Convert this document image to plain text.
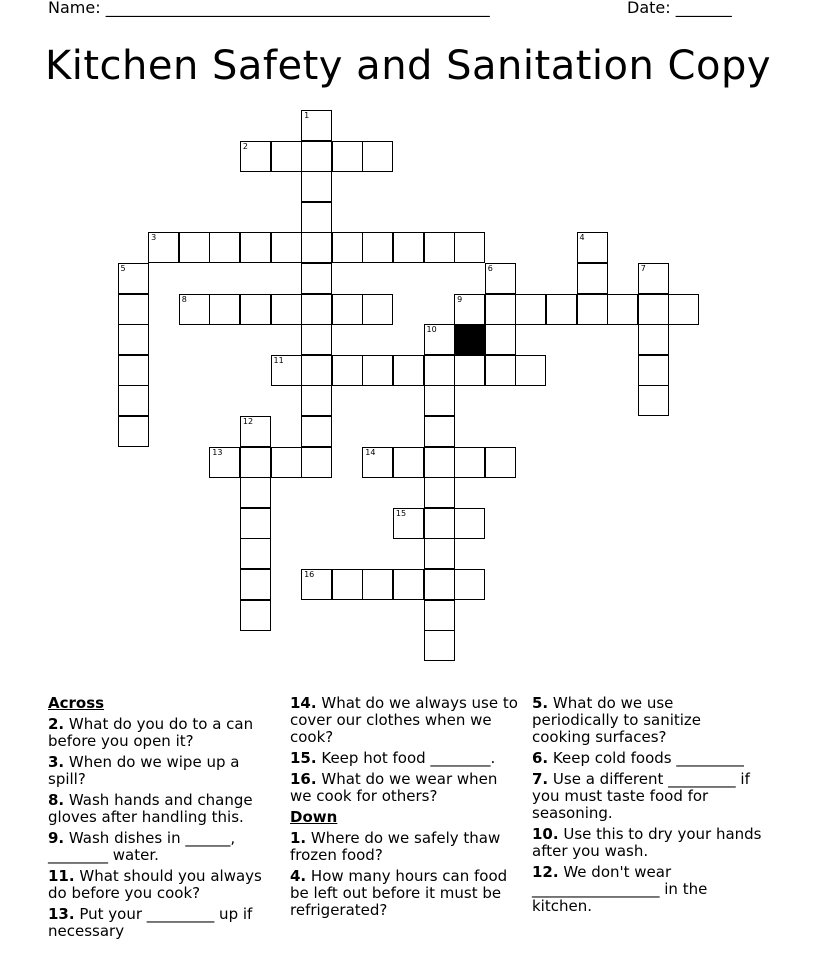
Name: ________________________________________________	Date: _______
Kitchen Safety and Sanitation Copy
1
2
3	4
5	6	7
8	9
10
11
12
13	14
15
16
Across
2. What do you do to a can before you open it?
3. When do we wipe up a spill?
8. Wash hands and change gloves after handling this.
9. Wash dishes in ______, ________ water.
11. What should you always do before you cook?
13. Put your _________ up if necessary
14. What do we always use to cover our clothes when we cook?
15. Keep hot food ________.
16. What do we wear when we cook for others?
Down
1. Where do we safely thaw frozen food?
4. How many hours can food be left out before it must be refrigerated?
5. What do we use periodically to sanitize cooking surfaces?
6. Keep cold foods _________
7. Use a different _________ if you must taste food for seasoning.
10. Use this to dry your hands after you wash.
12. We don't wear _________________ in the kitchen.
